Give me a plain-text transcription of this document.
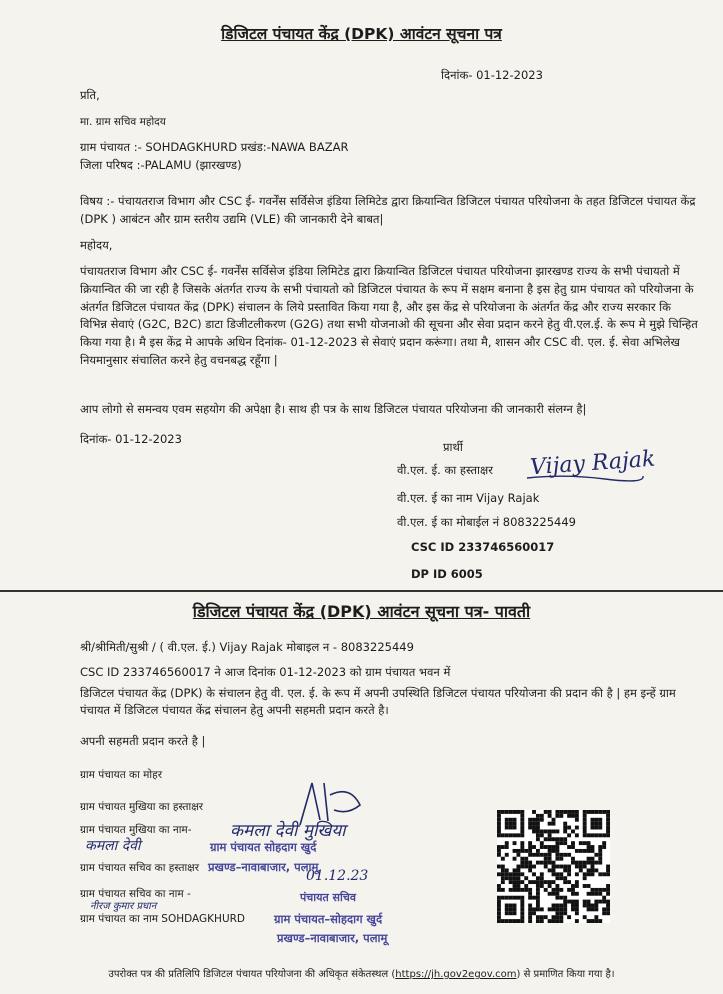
डिजिटल पंचायत केंद्र (DPK) आवंटन सूचना पत्र
दिनांक- 01-12-2023
प्रति,
मा. ग्राम सचिव महोदय
ग्राम पंचायत :- SOHDAGKHURD प्रखंड:-NAWA BAZAR
जिला परिषद :-PALAMU (झारखण्ड)
विषय :- पंचायतराज विभाग और CSC ई- गवर्नेंस सर्विसेज इंडिया लिमिटेड द्वारा क्रियान्वित डिजिटल पंचायत परियोजना के तहत डिजिटल पंचायत केंद्र (DPK ) आबंटन और ग्राम स्तरीय उद्यमि (VLE) की जानकारी देने बाबत|
महोदय,
पंचायतराज विभाग और CSC ई- गवर्नेंस सर्विसेज इंडिया लिमिटेड द्वारा क्रियान्वित डिजिटल पंचायत परियोजना झारखण्ड राज्य के सभी पंचायतो में क्रियान्वित की जा रही है जिसके अंतर्गत राज्य के सभी पंचायतो को डिजिटल पंचायत के रूप में सक्षम बनाना है इस हेतु ग्राम पंचायत को परियोजना के अंतर्गत डिजिटल पंचायत केंद्र (DPK) संचालन के लिये प्रस्तावित किया गया है, और इस केंद्र से परियोजना के अंतर्गत केंद्र और राज्य सरकार कि विभिन्न सेवाएं (G2C, B2C) डाटा डिजीटलीकरण (G2G) तथा सभी योजनाओ की सूचना और सेवा प्रदान करने हेतु वी.एल.ई. के रूप मे मुझे चिन्हित किया गया है। मै इस केंद्र मे आपके अधिन दिनांक- 01-12-2023 से सेवाएं प्रदान करूंगा। तथा मै, शासन और CSC वी. एल. ई. सेवा अभिलेख नियमानुसार संचालित करने हेतु वचनबद्ध रहूँगा |
आप लोगो से समन्वय एवम सहयोग की अपेक्षा है। साथ ही पत्र के साथ डिजिटल पंचायत परियोजना की जानकारी संलग्न है|
दिनांक- 01-12-2023
प्रार्थी
वी.एल. ई. का हस्ताक्षर Vijay Rajak
वी.एल. ई का नाम Vijay Rajak
वी.एल. ई का मोबाईल नं 8083225449
CSC ID 233746560017
DP ID 6005
डिजिटल पंचायत केंद्र (DPK) आवंटन सूचना पत्र- पावती
श्री/श्रीमिती/सुश्री / ( वी.एल. ई.) Vijay Rajak मोबाइल न - 8083225449
CSC ID 233746560017 ने आज दिनांक 01-12-2023 को ग्राम पंचायत भवन में
डिजिटल पंचायत केंद्र (DPK) के संचालन हेतु वी. एल. ई. के रूप में अपनी उपस्थिति डिजिटल पंचायत परियोजना की प्रदान की है | हम इन्हें ग्राम पंचायत में डिजिटल पंचायत केंद्र संचालन हेतु अपनी सहमती प्रदान करते है।
अपनी सहमती प्रदान करते है |
ग्राम पंचायत का मोहर
ग्राम पंचायत मुखिया का हस्ताक्षर
ग्राम पंचायत मुखिया का नाम-
ग्राम पंचायत सचिव का हस्ताक्षर
ग्राम पंचायत सचिव का नाम -
ग्राम पंचायत का नाम SOHDAGKHURD
कमला देवी मुखिया
कमला देवी	ग्राम पंचायत सोहदाग खुर्द
प्रखण्ड–नावाबाजार, पलामू
01.12.23
नीरज कुमार प्रधान
पंचायत सचिव
ग्राम पंचायत–सोहदाग खुर्द
प्रखण्ड–नावाबाजार, पलामू
उपरोक्त पत्र की प्रतिलिपि डिजिटल पंचायत परियोजना की अधिकृत संकेतस्थल (https://jh.gov2egov.com) से प्रमाणित किया गया है।
